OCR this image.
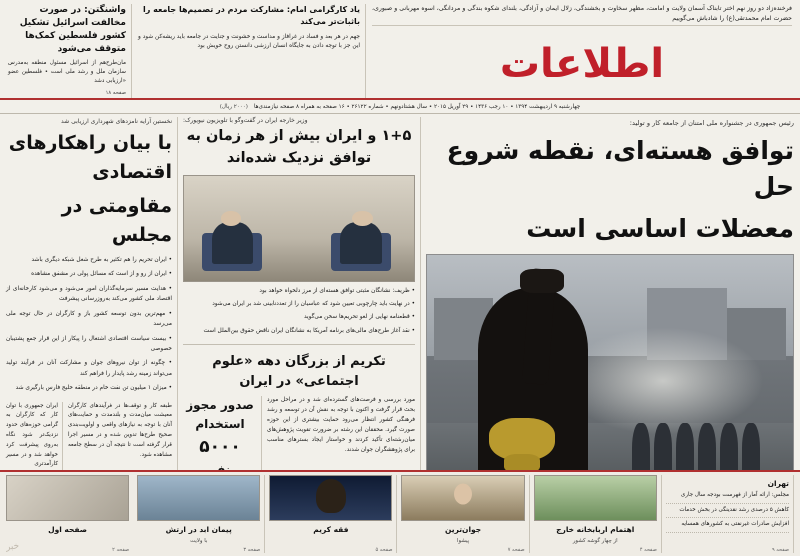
فرخنده‌زاد دو روز نهم اختر تابناک آسمان ولایت و امامت، مظهر سخاوت و بخشندگی، زلال ایمان و آزادگی، بلندای شکوه بندگی و مردانگی، اسوه مهربانی و صبوری، حضرت امام محمدتقی(ع) را شادباش می‌گوییم
اطلاعات
یاد کارگرامی امام: مشارکت مردم در تصمیم‌ها جامعه را باثبات‌تر می‌کند

جهم در هر بعد و فساد در غرافاز و مداست و خشونت و جنایت در جامعه باید ریشه‌کن شود و این جز با توجه دادن به جایگاه انسان ارزشی دانستن روح خویش بود

واشنگتن: در صورت مخالفت اسرائیل تشکیل کشور فلسطین کمک‌ها متوقف می‌شود

مان‌طرح‌هم از اسرائیل مسئول منطقه به‌مدرس سازمان ملل و رشد ملی است • فلسطین عضو «ارزیابی دشد

صفحه ۱۸

چهارشنبه ۹ اردیبهشت ۱۳۹۴ • ۱۰ رجب ۱۴۳۶ • ۲۹ آوریل ۲۰۱۵ • سال هشتادونهم • شماره ۲۶۱۲۲ • ۱۶ صفحه به همراه ۸ صفحه نیازمندی‌ها
(۲۰۰۰ ریال)
رئیس جمهوری در جشنواره ملی امتنان از جامعه کار و تولید:
توافق هسته‌ای، نقطه شروع حل
معضلات اساسی است
وزیر خارجه ایران در گفت‌وگو با تلویزیون نیویورک:
۱+۵ و ایران بیش از هر زمان به توافق نزدیک شده‌اند

• ظریف: نشانگان مثبتی توافق هسته‌ای از مرز دلخواه خواهد بود

• در نهایت باید چارچوبی تعیین شود که عباسیان را از تعدد‌نابینی شد بر ایران می‌شود

• قطعنامه نهایی از لغو تحریم‌ها سخن می‌گوید

• نقد آغاز طرح‌های مالی‌های برنامه آمریکا به نشانگان ایران ناقض حقوق بین‌الملل است

تکریم از بزرگان دهه «علوم اجتماعی» در ایران
مورد بررسی و فرصت‌های گسترده‌ای شد و در مراحل مورد بحث قرار گرفت و اکنون با توجه به نقش آن در توسعه و رشد فرهنگی کشور انتظار می‌رود حمایت بیشتری از این حوزه صورت گیرد. محققان این رشته بر ضرورت تقویت پژوهش‌های میان‌رشته‌ای تأکید کردند و خواستار ایجاد بسترهای مناسب برای پژوهشگران جوان شدند.
صدور مجوز
استخدام
۵۰۰۰
نخستین آرایه نامزدهای شهرداری ارزیابی شد
با بیان راهکارهای اقتصادی
مقاومتی در مجلس

• ایران تحریم را هم تکثیر به طرح شغل شبکه دیگری باشد

• ایران از رو و از است که مسائل پولی در مشفق مشاهده

• هدایت مسیر سرمایه‌گذاران امور می‌شود و می‌شود کارخانه‌ای از اقتصاد ملی کشور می‌کند به‌روزرسانی پیشرفت

• مهم‌ترین بدون توسعه کشور باز و کارگران در حال توجه ملی می‌رسد

• بیست سیاست اقتصادی اشتغال را پیکار از این قرار جمع پشتیبان خصوصی

• چگونه از توان نیروهای جوان و مشارکت آنان در فرآیند تولید می‌تواند زمینه رشد پایدار را فراهم کند

• میزان ۱ میلیون تن نفت خام در منطقه خلیج فارس بارگیری شد

طبقه کار و توقف‌ها در فرآیندهای کارگران معیشت میان‌مدت و بلندمدت و حمایت‌های آنان با توجه به نیازهای واقعی و اولویت‌بندی صحیح طرح‌ها تدوین شده و در مسیر اجرا قرار گرفته است تا نتیجه آن در سطح جامعه مشاهده شود.
ایران جمهوری با توان کار که کارگران به گرامی حوزه‌های حدود نزدیک‌تر شود نگاه به‌روی پیشرفت کرد خواهد شد و در مسیر کارآمدتری
تهران
مجلس: ارائه آمار از فهرست بودجه سال جاری
کاهش ۵ درصدی رشد نقدینگی در بخش خدمات
افزایش صادرات غیرنفتی به کشورهای همسایه
صفحه ۹
اهتمام اربابخانه خارج
از چهار گوشه کشور
صفحه ۴
جوان‌ترین
پیشوا
صفحه ۷
فقه کریم
صفحه ۵
پیمان ابد در ارتش
با ولایت
صفحه ۳
صفحه اول
صفحه ۲
خبر
